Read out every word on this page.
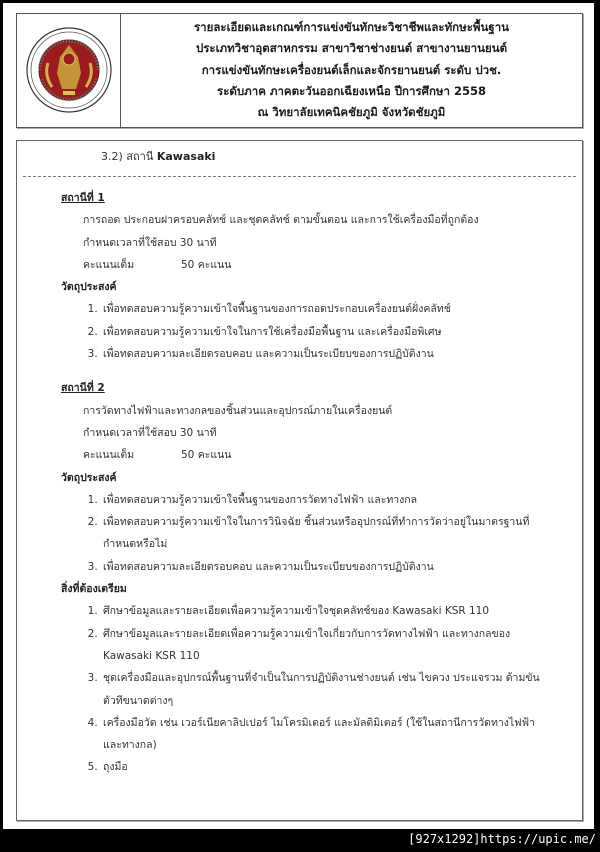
รายละเอียดและเกณฑ์การแข่งขันทักษะวิชาชีพและทักษะพื้นฐาน
ประเภทวิชาอุตสาหกรรม สาขาวิชาช่างยนต์ สาขางานยานยนต์
การแข่งขันทักษะเครื่องยนต์เล็กและจักรยานยนต์ ระดับ ปวช.
ระดับภาค ภาคตะวันออกเฉียงเหนือ ปีการศึกษา 2558
ณ วิทยาลัยเทคนิคชัยภูมิ จังหวัดชัยภูมิ
3.2) สถานี Kawasaki
สถานีที่ 1
การถอด ประกอบฝาครอบคลัทช์ และชุดคลัทช์ ตามขั้นตอน และการใช้เครื่องมือที่ถูกต้อง
กำหนดเวลาที่ใช้สอบ 30 นาที
คะแนนเต็ม	50 คะแนน
วัตถุประสงค์
1. เพื่อทดสอบความรู้ความเข้าใจพื้นฐานของการถอดประกอบเครื่องยนต์ฝั่งคลัทช์
2. เพื่อทดสอบความรู้ความเข้าใจในการใช้เครื่องมือพื้นฐาน และเครื่องมือพิเศษ
3. เพื่อทดสอบความละเอียดรอบคอบ และความเป็นระเบียบของการปฏิบัติงาน
สถานีที่ 2
การวัดทางไฟฟ้าและทางกลของชิ้นส่วนและอุปกรณ์ภายในเครื่องยนต์
กำหนดเวลาที่ใช้สอบ 30 นาที
คะแนนเต็ม	50 คะแนน
วัตถุประสงค์
1. เพื่อทดสอบความรู้ความเข้าใจพื้นฐานของการวัดทางไฟฟ้า และทางกล
2. เพื่อทดสอบความรู้ความเข้าใจในการวินิจฉัย ชิ้นส่วนหรืออุปกรณ์ที่ทำการวัดว่าอยู่ในมาตรฐานที่กำหนดหรือไม่
3. เพื่อทดสอบความละเอียดรอบคอบ และความเป็นระเบียบของการปฏิบัติงาน
สิ่งที่ต้องเตรียม
1. ศึกษาข้อมูลและรายละเอียดเพื่อความรู้ความเข้าใจชุดคลัทช์ของ Kawasaki KSR 110
2. ศึกษาข้อมูลและรายละเอียดเพื่อความรู้ความเข้าใจเกี่ยวกับการวัดทางไฟฟ้า และทางกลของ Kawasaki KSR 110
3. ชุดเครื่องมือและอุปกรณ์พื้นฐานที่จำเป็นในการปฏิบัติงานช่างยนต์ เช่น ไขควง ประแจรวม ด้ามขันตัวทีขนาดต่างๆ
4. เครื่องมือวัด เช่น เวอร์เนียคาลิปเปอร์ ไมโครมิเตอร์ และมัลติมิเตอร์ (ใช้ในสถานีการวัดทางไฟฟ้าและทางกล)
5. ถุงมือ
[927x1292]https://upic.me/
